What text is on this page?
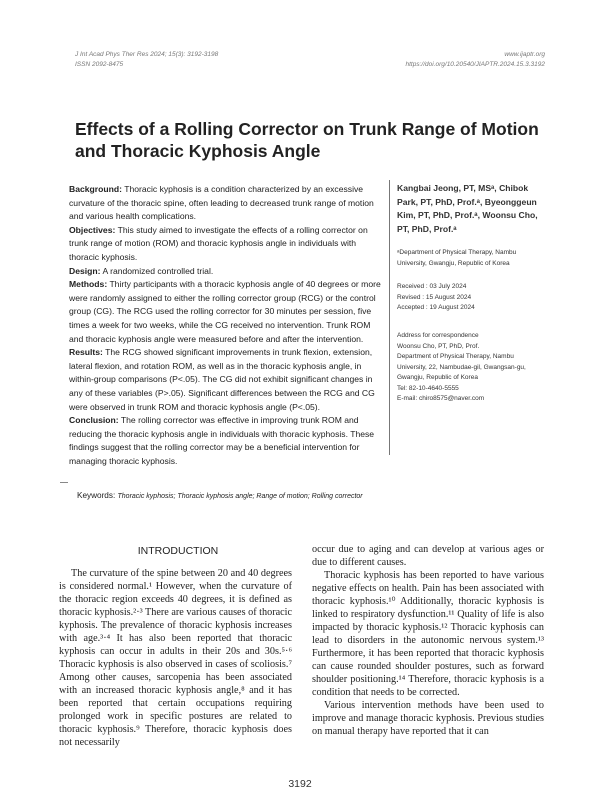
J Int Acad Phys Ther Res 2024; 15(3): 3192-3198
ISSN 2092-8475
www.ijaptr.org
https://doi.org/10.20540/JIAPTR.2024.15.3.3192
Effects of a Rolling Corrector on Trunk Range of Motion and Thoracic Kyphosis Angle

Background: Thoracic kyphosis is a condition characterized by an excessive curvature of the thoracic spine, often leading to decreased trunk range of motion and various health complications.

Objectives: This study aimed to investigate the effects of a rolling corrector on trunk range of motion (ROM) and thoracic kyphosis angle in individuals with thoracic kyphosis.

Design: A randomized controlled trial.

Methods: Thirty participants with a thoracic kyphosis angle of 40 degrees or more were randomly assigned to either the rolling corrector group (RCG) or the control group (CG). The RCG used the rolling corrector for 30 minutes per session, five times a week for two weeks, while the CG received no intervention. Trunk ROM and thoracic kyphosis angle were measured before and after the intervention.

Results: The RCG showed significant improvements in trunk flexion, extension, lateral flexion, and rotation ROM, as well as in the thoracic kyphosis angle, in within-group comparisons (P<.05). The CG did not exhibit significant changes in any of these variables (P>.05). Significant differences between the RCG and CG were observed in trunk ROM and thoracic kyphosis angle (P<.05).

Conclusion: The rolling corrector was effective in improving trunk ROM and reducing the thoracic kyphosis angle in individuals with thoracic kyphosis. These findings suggest that the rolling corrector may be a beneficial intervention for managing thoracic kyphosis.

Kangbai Jeong, PT, MSᵃ, Chibok Park, PT, PhD, Prof.ᵃ, Byeonggeun Kim, PT, PhD, Prof.ᵃ, Woonsu Cho, PT, PhD, Prof.ᵃ
ᵃDepartment of Physical Therapy, Nambu University, Gwangju, Republic of Korea
Received : 03 July 2024
Revised : 15 August 2024
Accepted : 19 August 2024
Address for correspondence
Woonsu Cho, PT, PhD, Prof.
Department of Physical Therapy, Nambu University, 22, Nambudae-gil, Gwangsan-gu, Gwangju, Republic of Korea
Tel: 82-10-4640-5555
E-mail: chiro8575@naver.com
Keywords: Thoracic kyphosis; Thoracic kyphosis angle; Range of motion; Rolling corrector
INTRODUCTION

The curvature of the spine between 20 and 40 degrees is considered normal.¹ However, when the curvature of the thoracic region exceeds 40 degrees, it is defined as thoracic kyphosis.²·³ There are various causes of thoracic kyphosis. The prevalence of thoracic kyphosis increases with age.³·⁴ It has also been reported that thoracic kyphosis can occur in adults in their 20s and 30s.⁵·⁶ Thoracic kyphosis is also observed in cases of scoliosis.⁷ Among other causes, sarcopenia has been associated with an increased thoracic kyphosis angle,⁸ and it has been reported that certain occupations requiring prolonged work in specific postures are related to thoracic kyphosis.⁹ Therefore, thoracic kyphosis does not necessarily

occur due to aging and can develop at various ages or due to different causes.

Thoracic kyphosis has been reported to have various negative effects on health. Pain has been associated with thoracic kyphosis.¹⁰ Additionally, thoracic kyphosis is linked to respiratory dysfunction.¹¹ Quality of life is also impacted by thoracic kyphosis.¹² Thoracic kyphosis can lead to disorders in the autonomic nervous system.¹³ Furthermore, it has been reported that thoracic kyphosis can cause rounded shoulder postures, such as forward shoulder positioning.¹⁴ Therefore, thoracic kyphosis is a condition that needs to be corrected.

Various intervention methods have been used to improve and manage thoracic kyphosis. Previous studies on manual therapy have reported that it can

3192
